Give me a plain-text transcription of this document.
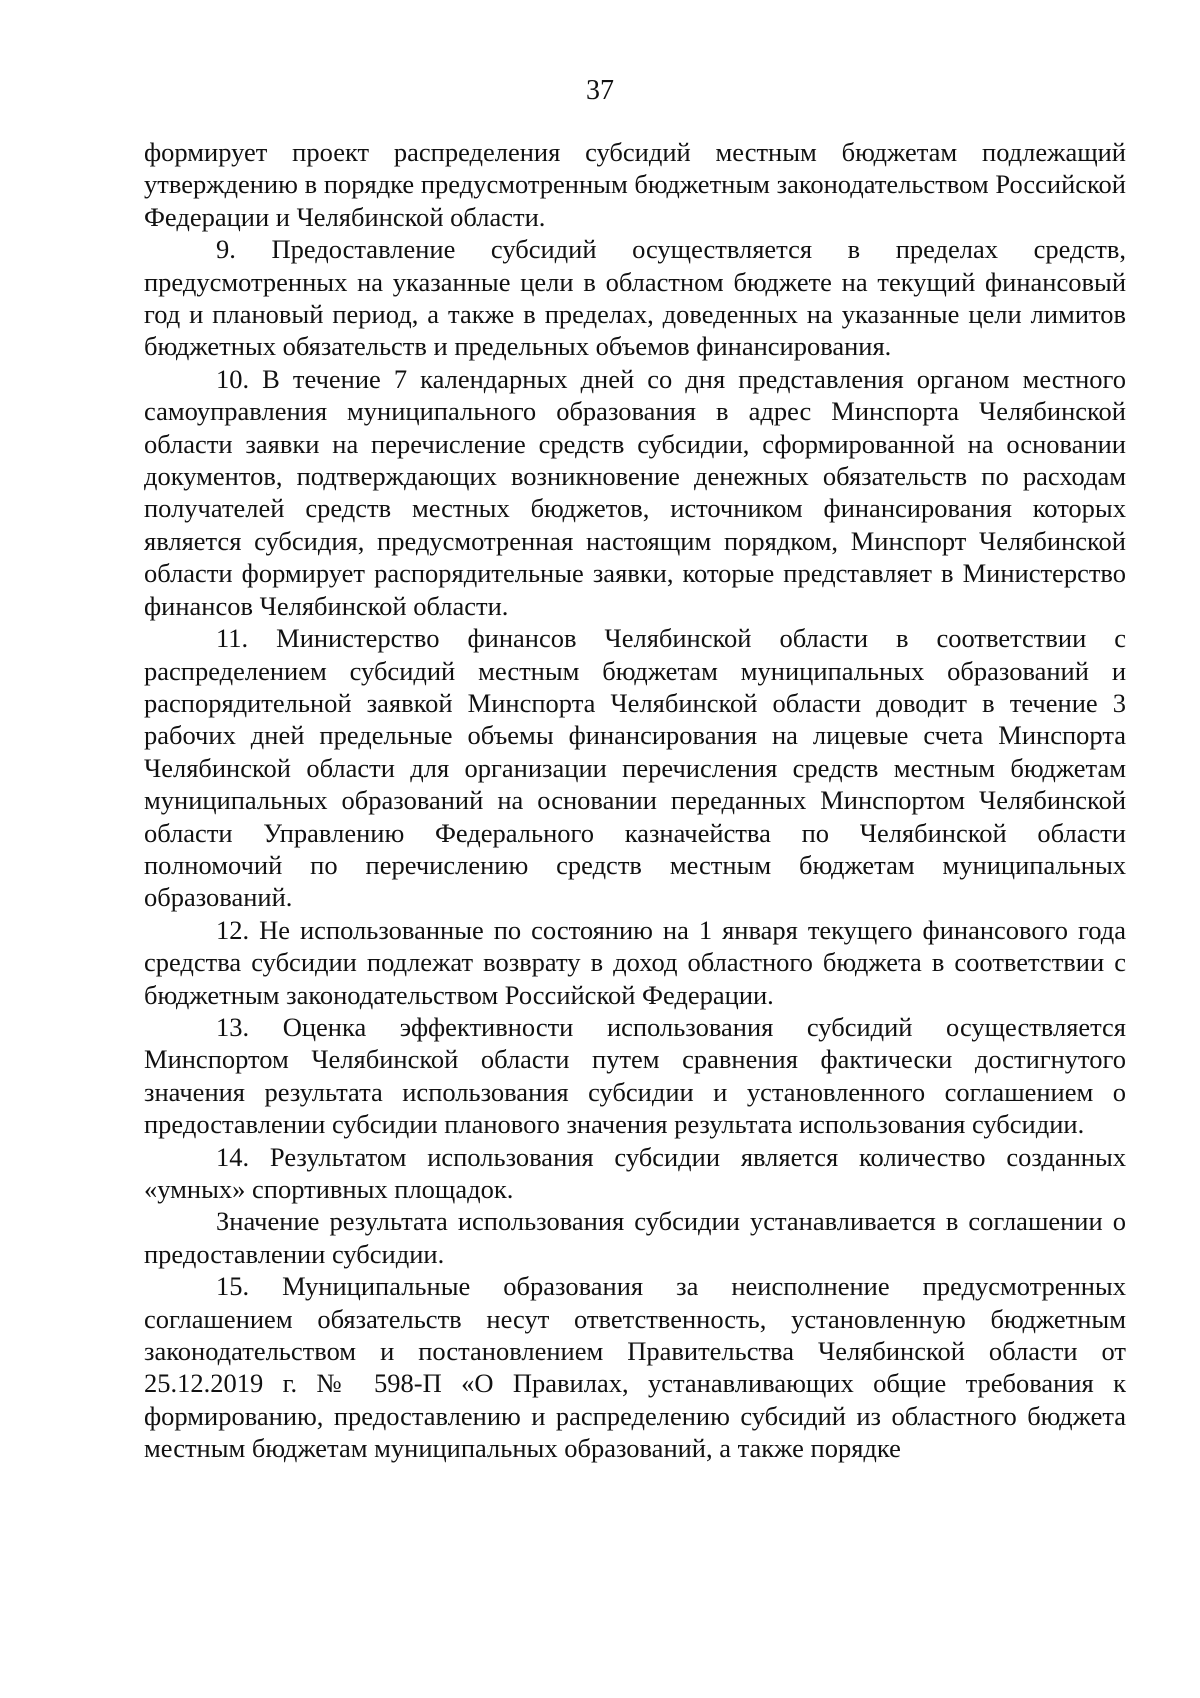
37

формирует проект распределения субсидий местным бюджетам подлежащий утверждению в порядке предусмотренным бюджетным законодательством Российской Федерации и Челябинской области.

9. Предоставление субсидий осуществляется в пределах средств, предусмотренных на указанные цели в областном бюджете на текущий финансовый год и плановый период, а также в пределах, доведенных на указанные цели лимитов бюджетных обязательств и предельных объемов финансирования.

10. В течение 7 календарных дней со дня представления органом местного самоуправления муниципального образования в адрес Минспорта Челябинской области заявки на перечисление средств субсидии, сформированной на основании документов, подтверждающих возникновение денежных обязательств по расходам получателей средств местных бюджетов, источником финансирования которых является субсидия, предусмотренная настоящим порядком, Минспорт Челябинской области формирует распорядительные заявки, которые представляет в Министерство финансов Челябинской области.

11. Министерство финансов Челябинской области в соответствии с распределением субсидий местным бюджетам муниципальных образований и распорядительной заявкой Минспорта Челябинской области доводит в течение 3 рабочих дней предельные объемы финансирования на лицевые счета Минспорта Челябинской области для организации перечисления средств местным бюджетам муниципальных образований на основании переданных Минспортом Челябинской области Управлению Федерального казначейства по Челябинской области полномочий по перечислению средств местным бюджетам муниципальных образований.

12. Не использованные по состоянию на 1 января текущего финансового года средства субсидии подлежат возврату в доход областного бюджета в соответствии с бюджетным законодательством Российской Федерации.

13. Оценка эффективности использования субсидий осуществляется Минспортом Челябинской области путем сравнения фактически достигнутого значения результата использования субсидии и установленного соглашением о предоставлении субсидии планового значения результата использования субсидии.

14. Результатом использования субсидии является количество созданных «умных» спортивных площадок.

Значение результата использования субсидии устанавливается в соглашении о предоставлении субсидии.

15. Муниципальные образования за неисполнение предусмотренных соглашением обязательств несут ответственность, установленную бюджетным законодательством и постановлением Правительства Челябинской области от 25.12.2019 г. № 598-П «О Правилах, устанавливающих общие требования к формированию, предоставлению и распределению субсидий из областного бюджета местным бюджетам муниципальных образований, а также порядке
